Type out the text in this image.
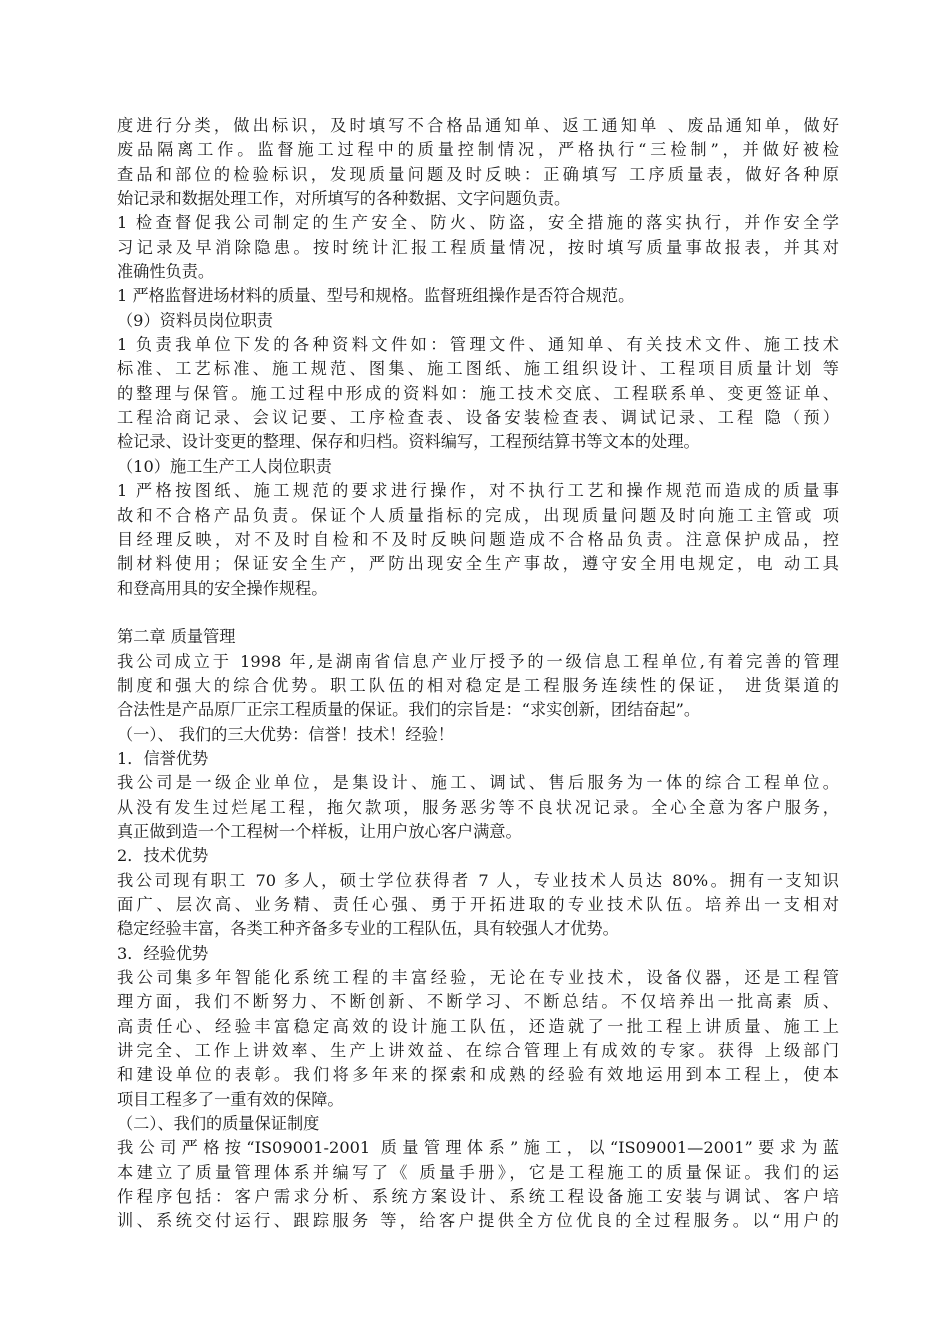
度进行分类，做出标识，及时填写不合格品通知单、返工通知单 、废品通知单，做好
废品隔离工作。监督施工过程中的质量控制情况，严格执行“三检制”，并做好被检
查品和部位的检验标识，发现质量问题及时反映：正确填写 工序质量表，做好各种原
始记录和数据处理工作，对所填写的各种数据、文字问题负责。
1 检查督促我公司制定的生产安全、防火、防盗，安全措施的落实执行，并作安全学
习记录及早消除隐患。按时统计汇报工程质量情况，按时填写质量事故报表，并其对
准确性负责。
1 严格监督进场材料的质量、型号和规格。监督班组操作是否符合规范。
（9）资料员岗位职责
1 负责我单位下发的各种资料文件如：管理文件、通知单、有关技术文件、施工技术
标准、工艺标准、施工规范、图集、施工图纸、施工组织设计、工程项目质量计划 等
的整理与保管。施工过程中形成的资料如：施工技术交底、工程联系单、变更签证单、
工程洽商记录、会议记要、工序检查表、设备安装检查表、调试记录、工程 隐（预）
检记录、设计变更的整理、保存和归档。资料编写，工程预结算书等文本的处理。
（10）施工生产工人岗位职责
1 严格按图纸、施工规范的要求进行操作，对不执行工艺和操作规范而造成的质量事
故和不合格产品负责。保证个人质量指标的完成，出现质量问题及时向施工主管或 项
目经理反映，对不及时自检和不及时反映问题造成不合格品负责。注意保护成品，控
制材料使用；保证安全生产，严防出现安全生产事故，遵守安全用电规定，电 动工具
和登高用具的安全操作规程。
第二章 质量管理
我公司成立于 1998 年,是湖南省信息产业厅授予的一级信息工程单位,有着完善的管理
制度和强大的综合优势。职工队伍的相对稳定是工程服务连续性的保证， 进货渠道的
合法性是产品原厂正宗工程质量的保证。我们的宗旨是：“求实创新，团结奋起”。
（一）、 我们的三大优势：信誉！技术！经验！
1．信誉优势
我公司是一级企业单位，是集设计、施工、调试、售后服务为一体的综合工程单位。
从没有发生过烂尾工程，拖欠款项，服务恶劣等不良状况记录。全心全意为客户服务，
真正做到造一个工程树一个样板，让用户放心客户满意。
2．技术优势
我公司现有职工 70 多人，硕士学位获得者 7 人，专业技术人员达 80%。拥有一支知识
面广、层次高、业务精、责任心强、勇于开拓进取的专业技术队伍。培养出一支相对
稳定经验丰富，各类工种齐备多专业的工程队伍，具有较强人才优势。
3．经验优势
我公司集多年智能化系统工程的丰富经验，无论在专业技术，设备仪器，还是工程管
理方面，我们不断努力、不断创新、不断学习、不断总结。不仅培养出一批高素 质、
高责任心、经验丰富稳定高效的设计施工队伍，还造就了一批工程上讲质量、施工上
讲完全、工作上讲效率、生产上讲效益、在综合管理上有成效的专家。获得 上级部门
和建设单位的表彰。我们将多年来的探索和成熟的经验有效地运用到本工程上，使本
项目工程多了一重有效的保障。
（二）、我们的质量保证制度
我公司严格按“IS09001-2001 质量管理体系”施工，以“IS09001—2001”要求为蓝
本建立了质量管理体系并编写了《 质量手册》，它是工程施工的质量保证。我们的运
作程序包括：客户需求分析、系统方案设计、系统工程设备施工安装与调试、客户培
训、系统交付运行、跟踪服务 等，给客户提供全方位优良的全过程服务。以“用户的
